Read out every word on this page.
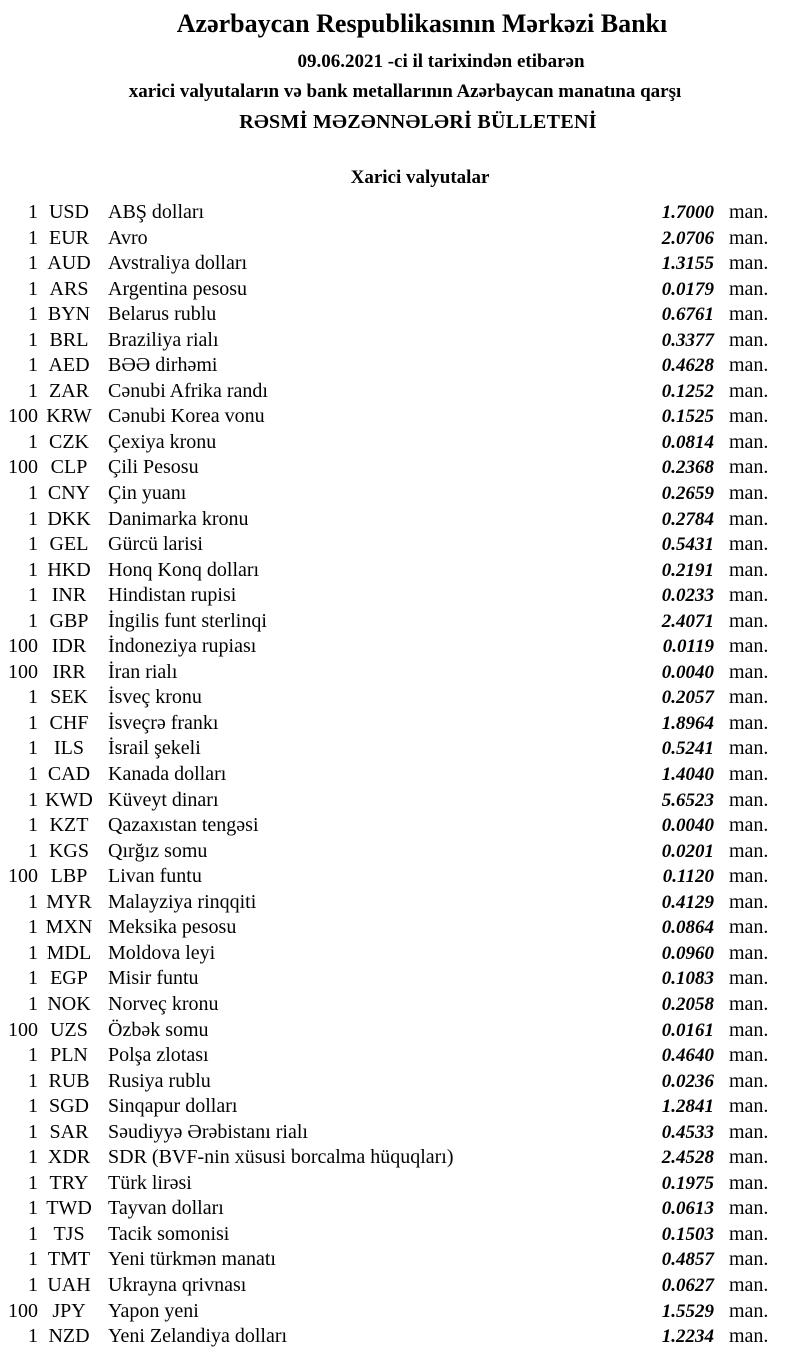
Azərbaycan Respublikasının Mərkəzi Bankı
09.06.2021 -ci il tarixindən etibarən
xarici valyutaların və bank metallarının Azərbaycan manatına qarşı
RƏSMİ MƏZƏNNƏLƏRİ BÜLLETENİ
Xarici valyutalar
1 USD ABŞ dolları	1.7000 man.
1 EUR Avro	2.0706 man.
1 AUD Avstraliya dolları	1.3155 man.
1 ARS Argentina pesosu	0.0179 man.
1 BYN Belarus rublu	0.6761 man.
1 BRL Braziliya rialı	0.3377 man.
1 AED BƏƏ dirhəmi	0.4628 man.
1 ZAR Cənubi Afrika randı	0.1252 man.
100 KRW Cənubi Korea vonu	0.1525 man.
1 CZK Çexiya kronu	0.0814 man.
100 CLP	Çili Pesosu	0.2368 man.
1 CNY Çin yuanı	0.2659 man.
1 DKK Danimarka kronu	0.2784 man.
1 GEL Gürcü larisi	0.5431 man.
1 HKD Honq Konq dolları	0.2191 man.
1 INR	Hindistan rupisi	0.0233 man.
1 GBP İngilis funt sterlinqi	2.4071 man.
100 IDR	İndoneziya rupiası	0.0119 man.
100 IRR	İran rialı	0.0040 man.
1 SEK	İsveç kronu	0.2057 man.
1 CHF İsveçrə frankı	1.8964 man.
1 ILS	İsrail şekeli	0.5241 man.
1 CAD Kanada dolları	1.4040 man.
1 KWD Küveyt dinarı	5.6523 man.
1 KZT Qazaxıstan tengəsi	0.0040 man.
1 KGS Qırğız somu	0.0201 man.
100 LBP	Livan funtu	0.1120 man.
1 MYR Malayziya rinqqiti	0.4129 man.
1 MXN Meksika pesosu	0.0864 man.
1 MDL Moldova leyi	0.0960 man.
1 EGP	Misir funtu	0.1083 man.
1 NOK Norveç kronu	0.2058 man.
100 UZS	Özbək somu	0.0161 man.
1 PLN	Polşa zlotası	0.4640 man.
1 RUB Rusiya rublu	0.0236 man.
1 SGD Sinqapur dolları	1.2841 man.
1 SAR Səudiyyə Ərəbistanı rialı	0.4533 man.
1 XDR SDR (BVF-nin xüsusi borcalma hüquqları)	2.4528 man.
1 TRY Türk lirəsi	0.1975 man.
1 TWD Tayvan dolları	0.0613 man.
1 TJS	Tacik somonisi	0.1503 man.
1 TMT Yeni türkmən manatı	0.4857 man.
1 UAH Ukrayna qrivnası	0.0627 man.
100 JPY	Yapon yeni	1.5529 man.
1 NZD Yeni Zelandiya dolları	1.2234 man.
